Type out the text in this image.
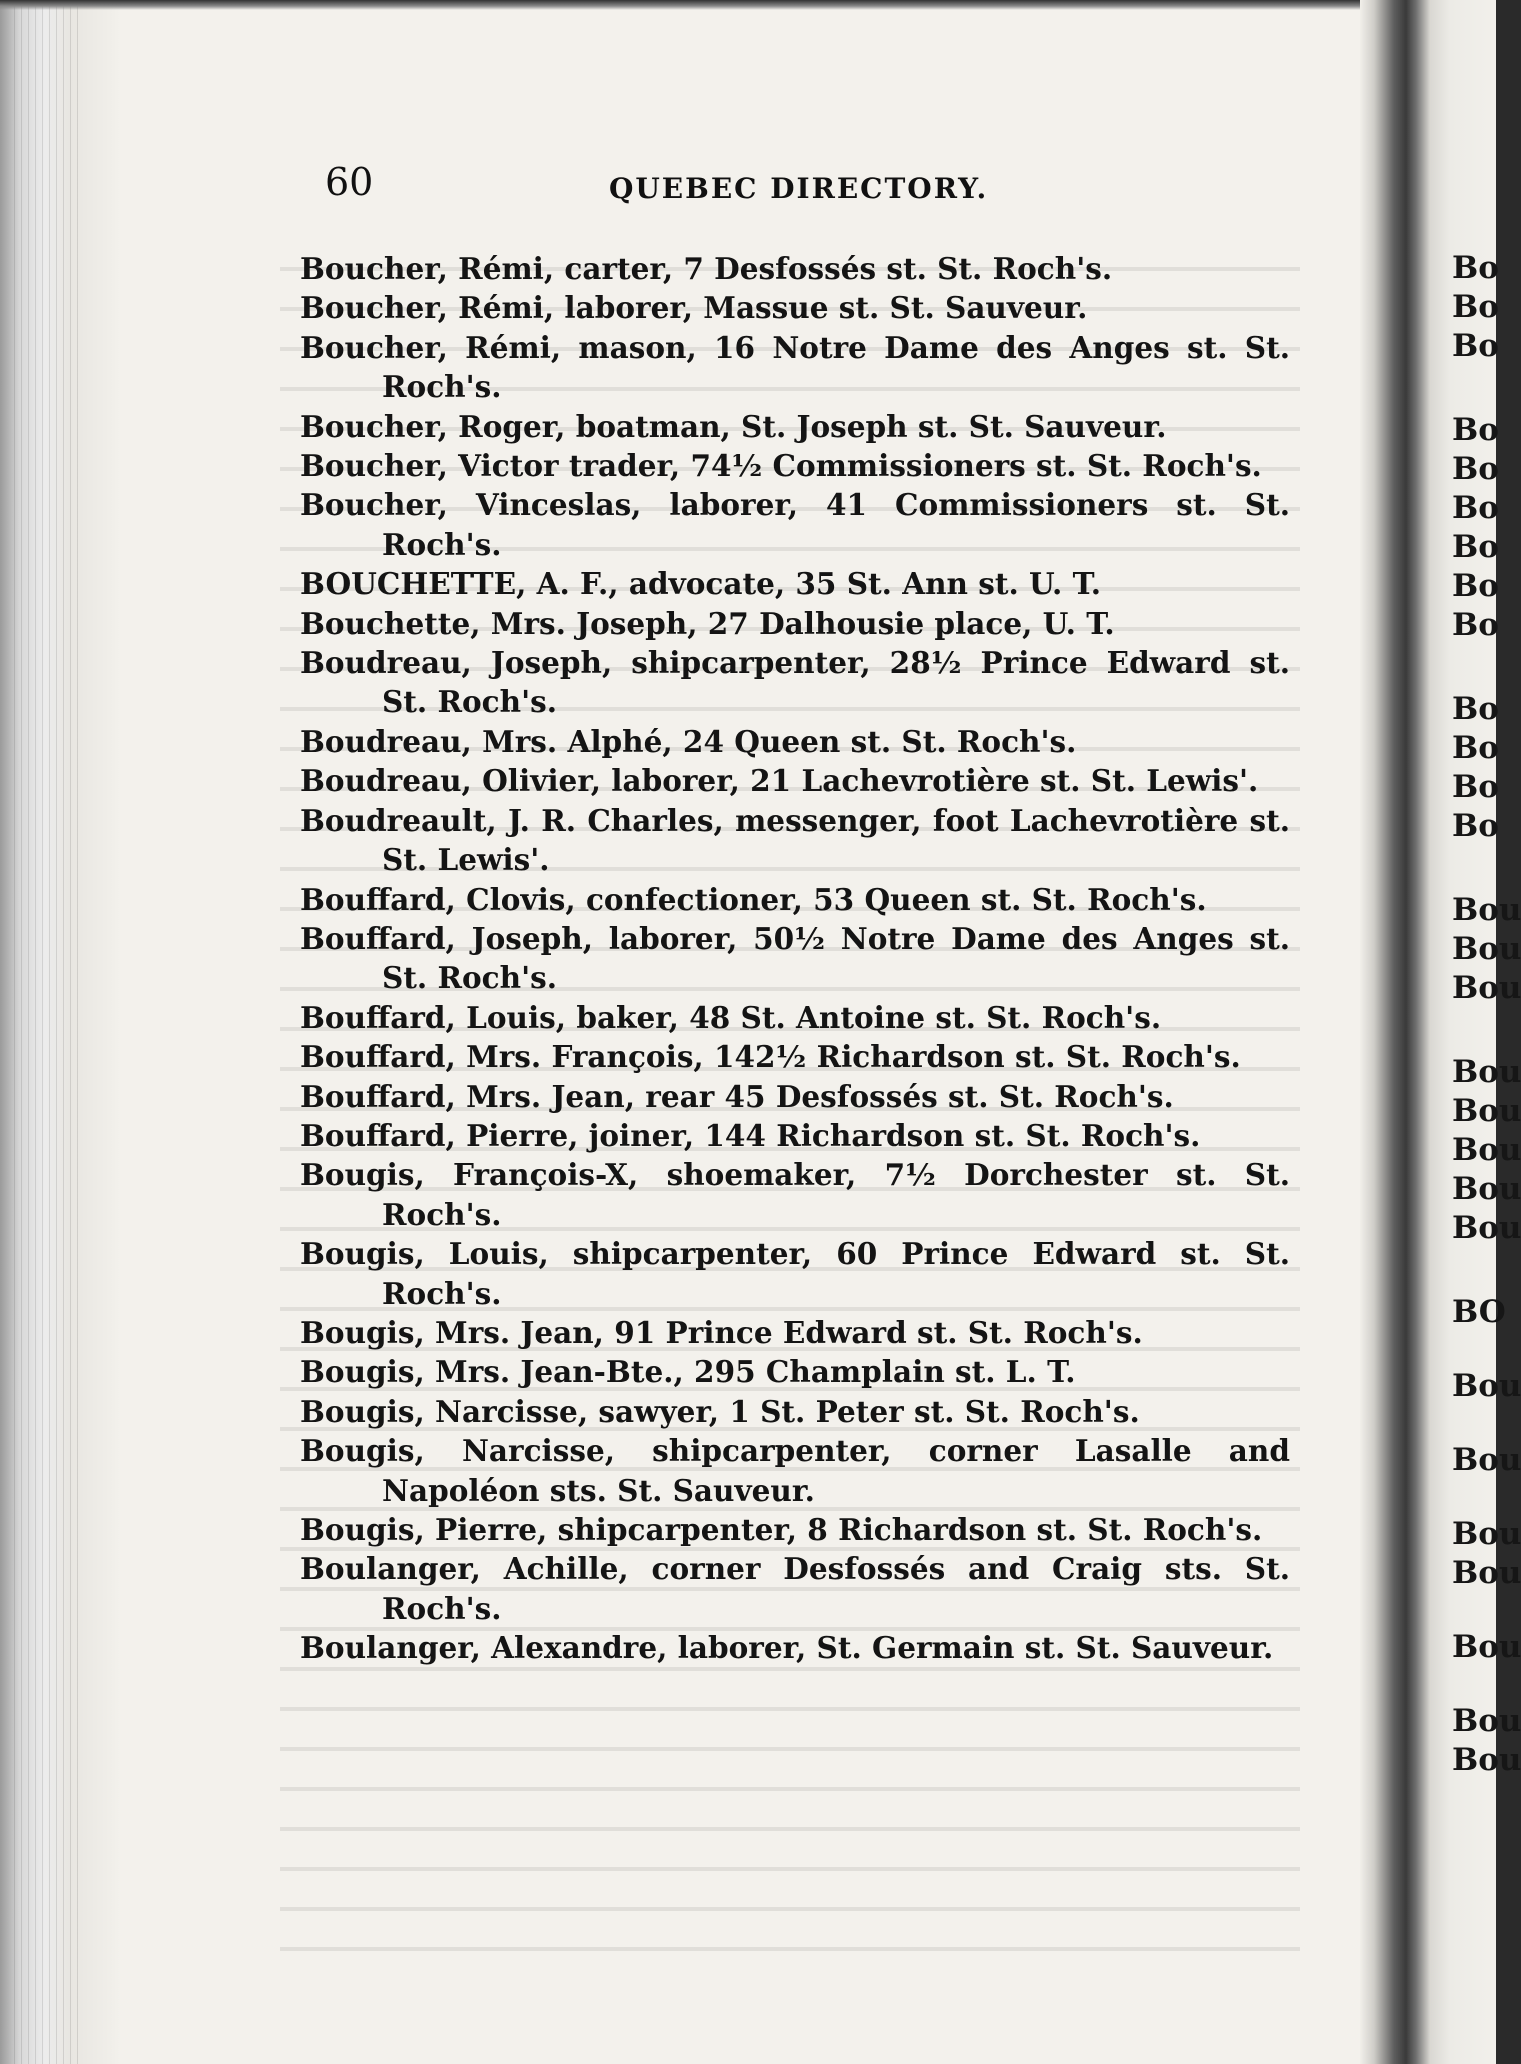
60	QUEBEC DIRECTORY.
Boucher, Rémi, carter, 7 Desfossés st. St. Roch's.
Boucher, Rémi, laborer, Massue st. St. Sauveur.
Boucher, Rémi, mason, 16 Notre Dame des Anges st. St. Roch's.
Boucher, Roger, boatman, St. Joseph st. St. Sauveur.
Boucher, Victor trader, 74½ Commissioners st. St. Roch's.
Boucher, Vinceslas, laborer, 41 Commissioners st. St. Roch's.
BOUCHETTE, A. F., advocate, 35 St. Ann st. U. T.
Bouchette, Mrs. Joseph, 27 Dalhousie place, U. T.
Boudreau, Joseph, shipcarpenter, 28½ Prince Edward st. St. Roch's.
Boudreau, Mrs. Alphé, 24 Queen st. St. Roch's.
Boudreau, Olivier, laborer, 21 Lachevrotière st. St. Lewis'.
Boudreault, J. R. Charles, messenger, foot Lachevrotière st. St. Lewis'.
Bouffard, Clovis, confectioner, 53 Queen st. St. Roch's.
Bouffard, Joseph, laborer, 50½ Notre Dame des Anges st. St. Roch's.
Bouffard, Louis, baker, 48 St. Antoine st. St. Roch's.
Bouffard, Mrs. François, 142½ Richardson st. St. Roch's.
Bouffard, Mrs. Jean, rear 45 Desfossés st. St. Roch's.
Bouffard, Pierre, joiner, 144 Richardson st. St. Roch's.
Bougis, François-X, shoemaker, 7½ Dorchester st. St. Roch's.
Bougis, Louis, shipcarpenter, 60 Prince Edward st. St. Roch's.
Bougis, Mrs. Jean, 91 Prince Edward st. St. Roch's.
Bougis, Mrs. Jean-Bte., 295 Champlain st. L. T.
Bougis, Narcisse, sawyer, 1 St. Peter st. St. Roch's.
Bougis, Narcisse, shipcarpenter, corner Lasalle and Napoléon sts. St. Sauveur.
Bougis, Pierre, shipcarpenter, 8 Richardson st. St. Roch's.
Boulanger, Achille, corner Desfossés and Craig sts. St. Roch's.
Boulanger, Alexandre, laborer, St. Germain st. St. Sauveur.
Bo
Bo
Bo
Bo
Bo
Bo
Bo
Bo
Bo
Bo
Bo
Bo
Bo
Bou
Bou
Bou
Bou
Bou
Bou
Bou
Bou
BO
Bou
Bou
Bou
Bou
Bou
Bou
Bou
